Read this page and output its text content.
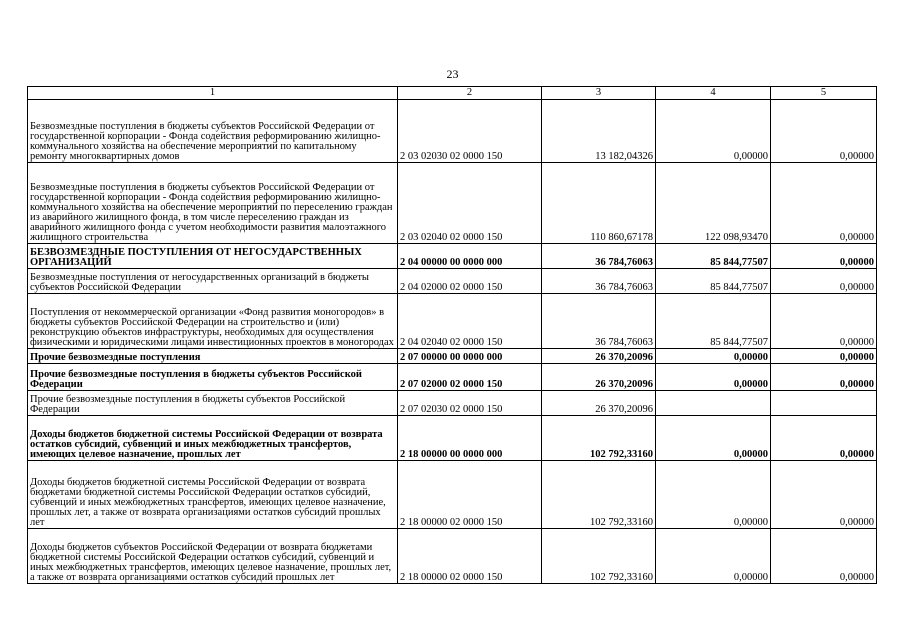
23
1	2	3	4	5
Безвозмездные поступления в бюджеты субъектов Российской Федерации от государственной корпорации - Фонда содействия реформированию жилищно-коммунального хозяйства на обеспечение мероприятий по капитальному ремонту многоквартирных домов	2 03 02030 02 0000 150	13 182,04326	0,00000	0,00000
Безвозмездные поступления в бюджеты субъектов Российской Федерации от государственной корпорации - Фонда содействия реформированию жилищно-коммунального хозяйства на обеспечение мероприятий по переселению граждан из аварийного жилищного фонда, в том числе переселению граждан из аварийного жилищного фонда с учетом необходимости развития малоэтажного жилищного строительства	2 03 02040 02 0000 150	110 860,67178	122 098,93470	0,00000
БЕЗВОЗМЕЗДНЫЕ ПОСТУПЛЕНИЯ ОТ НЕГОСУДАРСТВЕННЫХ ОРГАНИЗАЦИЙ	2 04 00000 00 0000 000	36 784,76063	85 844,77507	0,00000
Безвозмездные поступления от негосударственных организаций в бюджеты субъектов Российской Федерации	2 04 02000 02 0000 150	36 784,76063	85 844,77507	0,00000
Поступления от некоммерческой организации «Фонд развития моногородов» в бюджеты субъектов Российской Федерации на строительство и (или) реконструкцию объектов инфраструктуры, необходимых для осуществления физическими и юридическими лицами инвестиционных проектов в моногородах	2 04 02040 02 0000 150	36 784,76063	85 844,77507	0,00000
Прочие безвозмездные поступления	2 07 00000 00 0000 000	26 370,20096	0,00000	0,00000
Прочие безвозмездные поступления в бюджеты субъектов Российской Федерации	2 07 02000 02 0000 150	26 370,20096	0,00000	0,00000
Прочие безвозмездные поступления в бюджеты субъектов Российской Федерации	2 07 02030 02 0000 150	26 370,20096		
Доходы бюджетов бюджетной системы Российской Федерации от возврата остатков субсидий, субвенций и иных межбюджетных трансфертов, имеющих целевое назначение, прошлых лет	2 18 00000 00 0000 000	102 792,33160	0,00000	0,00000
Доходы бюджетов бюджетной системы Российской Федерации от возврата бюджетами бюджетной системы Российской Федерации остатков субсидий, субвенций и иных межбюджетных трансфертов, имеющих целевое назначение, прошлых лет, а также от возврата организациями остатков субсидий прошлых лет	2 18 00000 02 0000 150	102 792,33160	0,00000	0,00000
Доходы бюджетов субъектов Российской Федерации от возврата бюджетами бюджетной системы Российской Федерации остатков субсидий, субвенций и иных межбюджетных трансфертов, имеющих целевое назначение, прошлых лет, а также от возврата организациями остатков субсидий прошлых лет	2 18 00000 02 0000 150	102 792,33160	0,00000	0,00000
